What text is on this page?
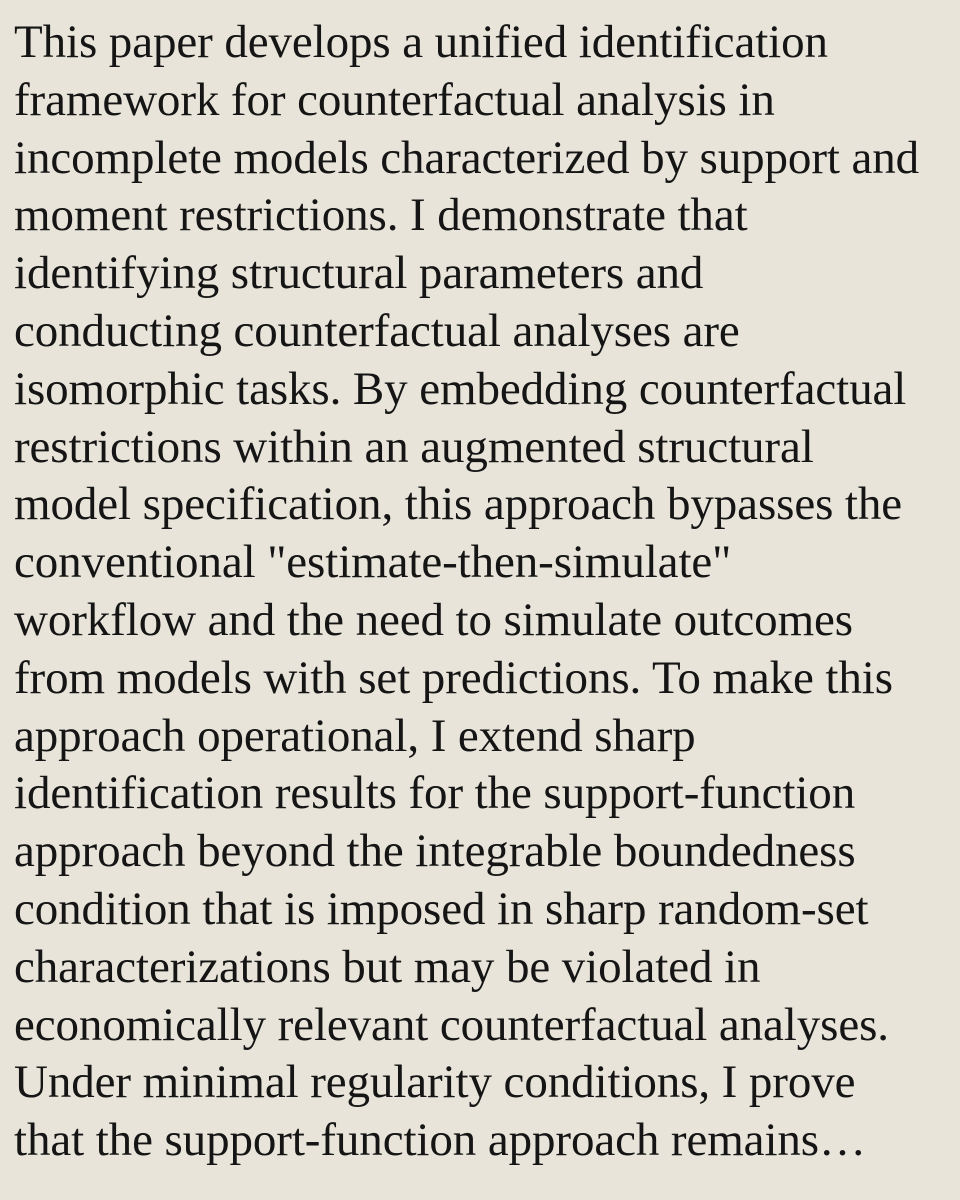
This paper develops a unified identification
framework for counterfactual analysis in
incomplete models characterized by support and
moment restrictions. I demonstrate that
identifying structural parameters and
conducting counterfactual analyses are
isomorphic tasks. By embedding counterfactual
restrictions within an augmented structural
model specification, this approach bypasses the
conventional "estimate-then-simulate"
workflow and the need to simulate outcomes
from models with set predictions. To make this
approach operational, I extend sharp
identification results for the support-function
approach beyond the integrable boundedness
condition that is imposed in sharp random-set
characterizations but may be violated in
economically relevant counterfactual analyses.
Under minimal regularity conditions, I prove
that the support-function approach remains…
